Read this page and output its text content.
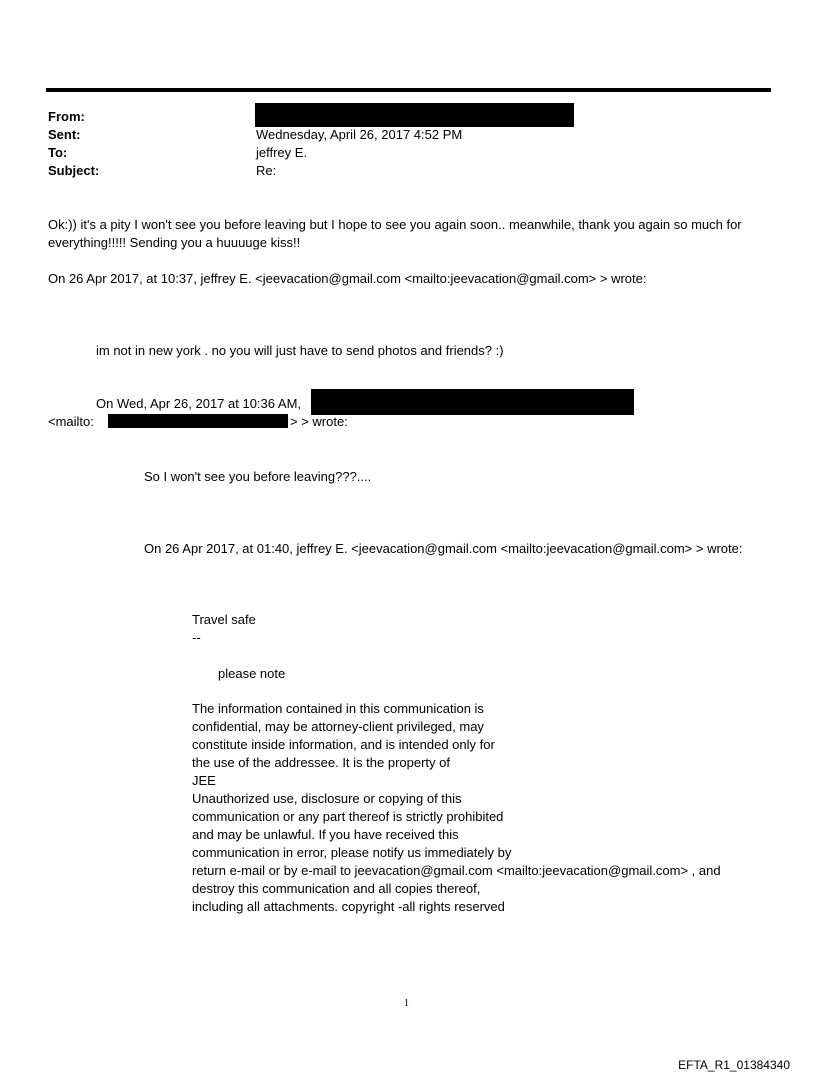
From:
Sent:	Wednesday, April 26, 2017 4:52 PM
To:	jeffrey E.
Subject:	Re:
Ok:)) it's a pity I won't see you before leaving but I hope to see you again soon.. meanwhile, thank you again so much for
everything!!!!! Sending you a huuuuge kiss!!
On 26 Apr 2017, at 10:37, jeffrey E. <jeevacation@gmail.com <mailto:jeevacation@gmail.com> > wrote:
im not in new york . no you will just have to send photos and friends? :)
On Wed, Apr 26, 2017 at 10:36 AM,
<mailto:	> > wrote:
So I won't see you before leaving???....
On 26 Apr 2017, at 01:40, jeffrey E. <jeevacation@gmail.com <mailto:jeevacation@gmail.com> > wrote:
Travel safe
--
please note
The information contained in this communication is
confidential, may be attorney-client privileged, may
constitute inside information, and is intended only for
the use of the addressee. It is the property of
JEE
Unauthorized use, disclosure or copying of this
communication or any part thereof is strictly prohibited
and may be unlawful. If you have received this
communication in error, please notify us immediately by
return e-mail or by e-mail to jeevacation@gmail.com <mailto:jeevacation@gmail.com> , and
destroy this communication and all copies thereof,
including all attachments. copyright -all rights reserved
1
EFTA_R1_01384340
